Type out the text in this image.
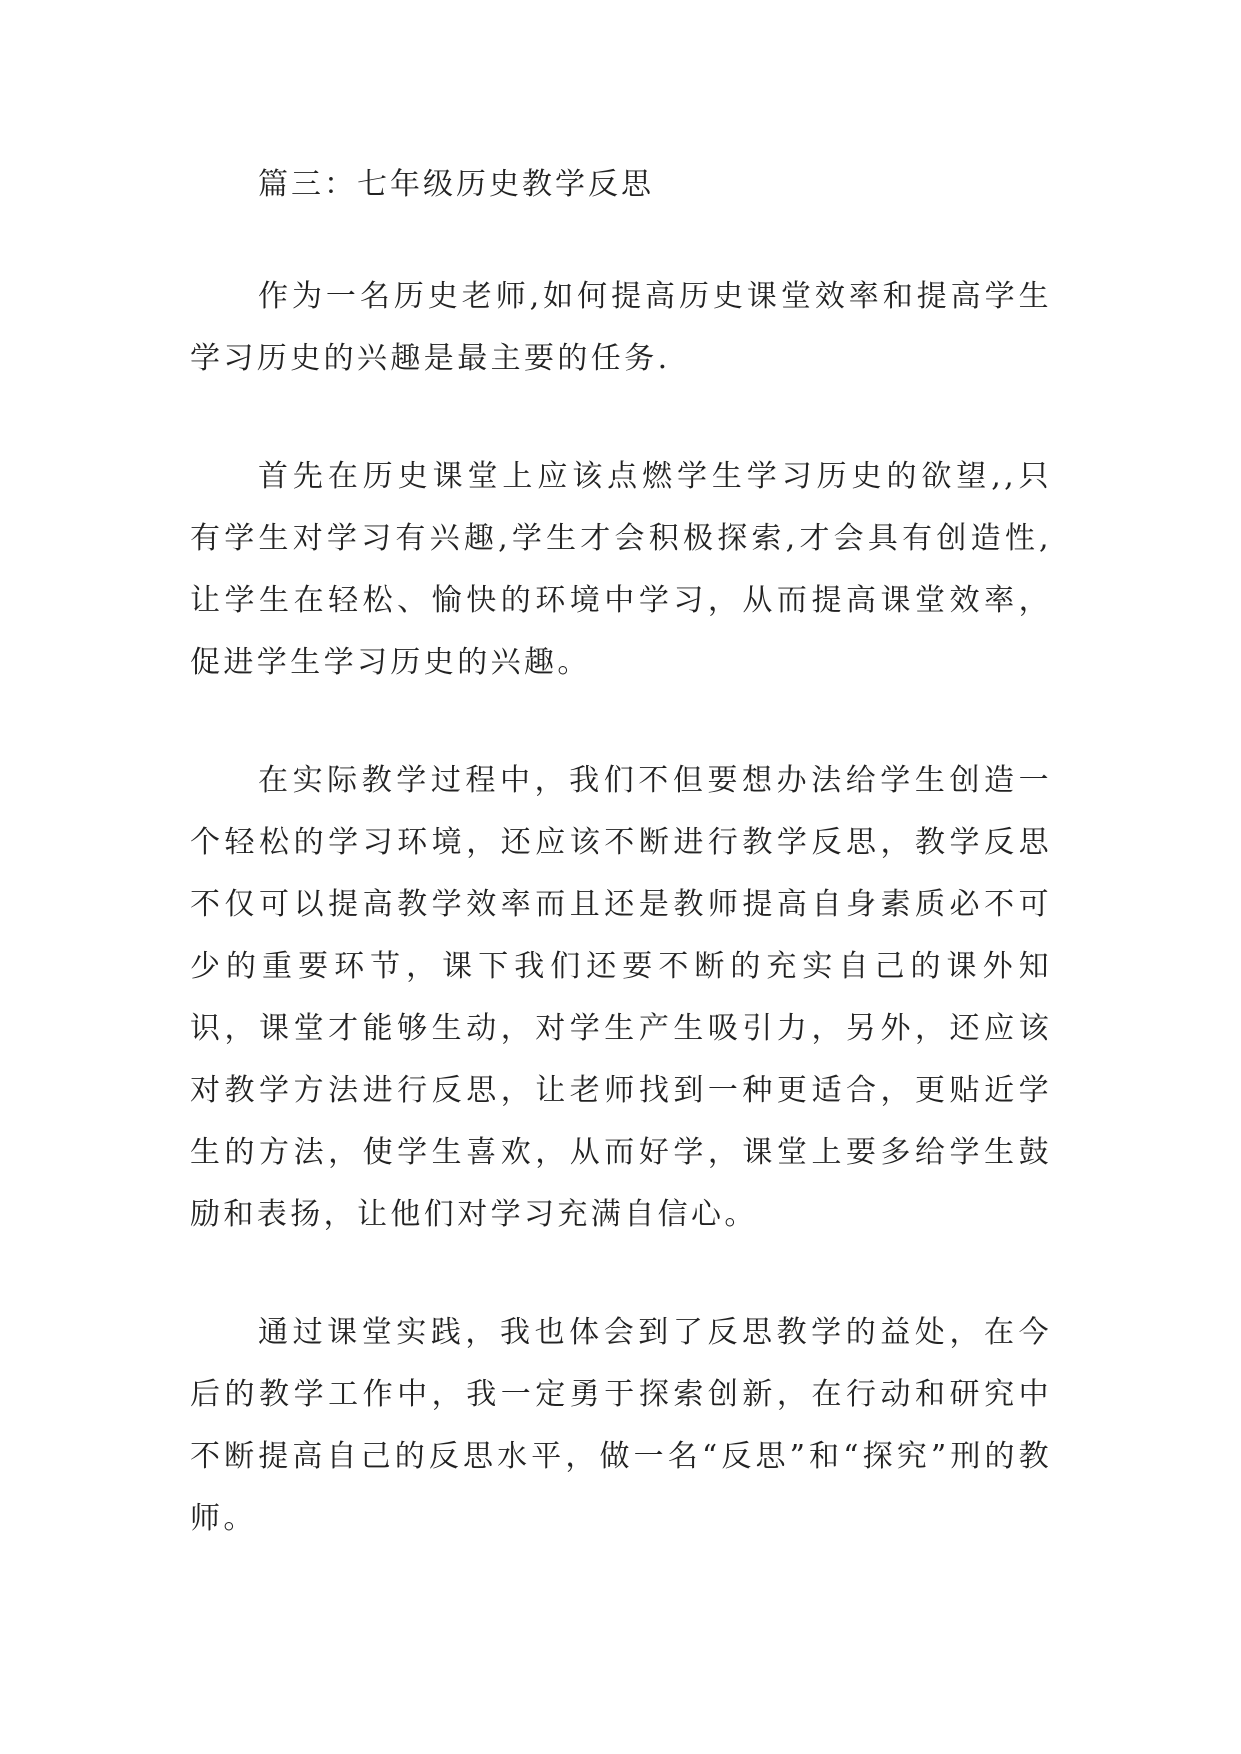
篇三：七年级历史教学反思

作为一名历史老师,如何提高历史课堂效率和提高学生学习历史的兴趣是最主要的任务.

首先在历史课堂上应该点燃学生学习历史的欲望,,只有学生对学习有兴趣,学生才会积极探索,才会具有创造性,让学生在轻松、愉快的环境中学习，从而提高课堂效率，促进学生学习历史的兴趣。

在实际教学过程中，我们不但要想办法给学生创造一个轻松的学习环境，还应该不断进行教学反思，教学反思不仅可以提高教学效率而且还是教师提高自身素质必不可少的重要环节，课下我们还要不断的充实自己的课外知识，课堂才能够生动，对学生产生吸引力，另外，还应该对教学方法进行反思，让老师找到一种更适合，更贴近学生的方法，使学生喜欢，从而好学，课堂上要多给学生鼓励和表扬，让他们对学习充满自信心。

通过课堂实践，我也体会到了反思教学的益处，在今后的教学工作中，我一定勇于探索创新，在行动和研究中不断提高自己的反思水平，做一名“反思”和“探究”刑的教师。
